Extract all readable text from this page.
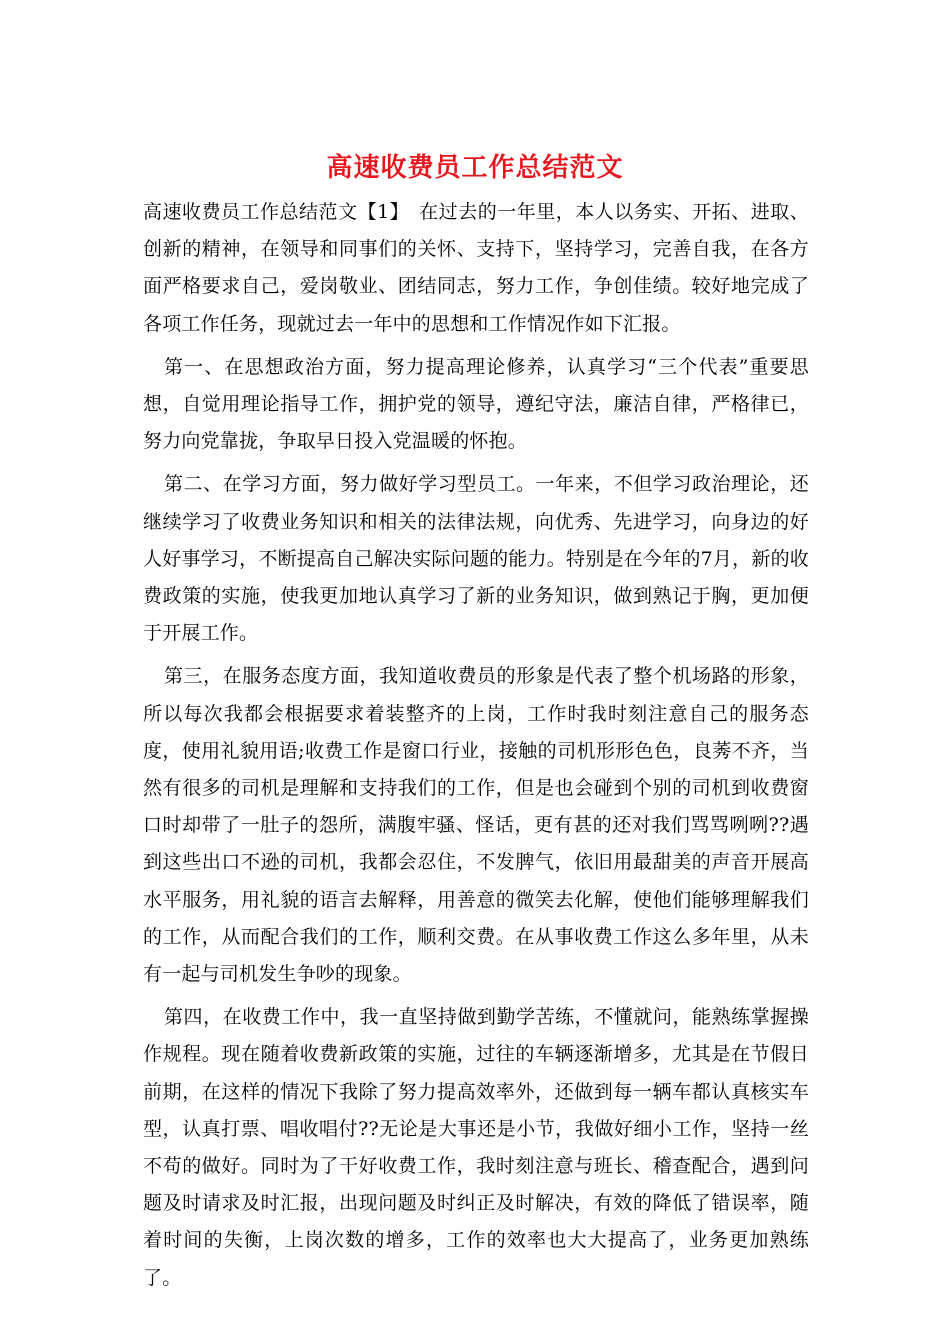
高速收费员工作总结范文

高速收费员工作总结范文【1】　在过去的一年里，本人以务实、开拓、进取、创新的精神，在领导和同事们的关怀、支持下，坚持学习，完善自我，在各方面严格要求自己，爱岗敬业、团结同志，努力工作，争创佳绩。较好地完成了各项工作任务，现就过去一年中的思想和工作情况作如下汇报。

第一、在思想政治方面，努力提高理论修养，认真学习“三个代表”重要思想，自觉用理论指导工作，拥护党的领导，遵纪守法，廉洁自律，严格律已，努力向党靠拢，争取早日投入党温暖的怀抱。

第二、在学习方面，努力做好学习型员工。一年来，不但学习政治理论，还继续学习了收费业务知识和相关的法律法规，向优秀、先进学习，向身边的好人好事学习，不断提高自己解决实际问题的能力。特别是在今年的7月，新的收费政策的实施，使我更加地认真学习了新的业务知识，做到熟记于胸，更加便于开展工作。

第三，在服务态度方面，我知道收费员的形象是代表了整个机场路的形象，所以每次我都会根据要求着装整齐的上岗，工作时我时刻注意自己的服务态度，使用礼貌用语;收费工作是窗口行业，接触的司机形形色色，良莠不齐，当然有很多的司机是理解和支持我们的工作，但是也会碰到个别的司机到收费窗口时却带了一肚子的怨所，满腹牢骚、怪话，更有甚的还对我们骂骂咧咧??遇到这些出口不逊的司机，我都会忍住，不发脾气，依旧用最甜美的声音开展高水平服务，用礼貌的语言去解释，用善意的微笑去化解，使他们能够理解我们的工作，从而配合我们的工作，顺利交费。在从事收费工作这么多年里，从未有一起与司机发生争吵的现象。

第四，在收费工作中，我一直坚持做到勤学苦练，不懂就问，能熟练掌握操作规程。现在随着收费新政策的实施，过往的车辆逐渐增多，尤其是在节假日前期，在这样的情况下我除了努力提高效率外，还做到每一辆车都认真核实车型，认真打票、唱收唱付??无论是大事还是小节，我做好细小工作，坚持一丝不苟的做好。同时为了干好收费工作，我时刻注意与班长、稽查配合，遇到问题及时请求及时汇报，出现问题及时纠正及时解决，有效的降低了错误率，随着时间的失衡，上岗次数的增多，工作的效率也大大提高了，业务更加熟练了。
